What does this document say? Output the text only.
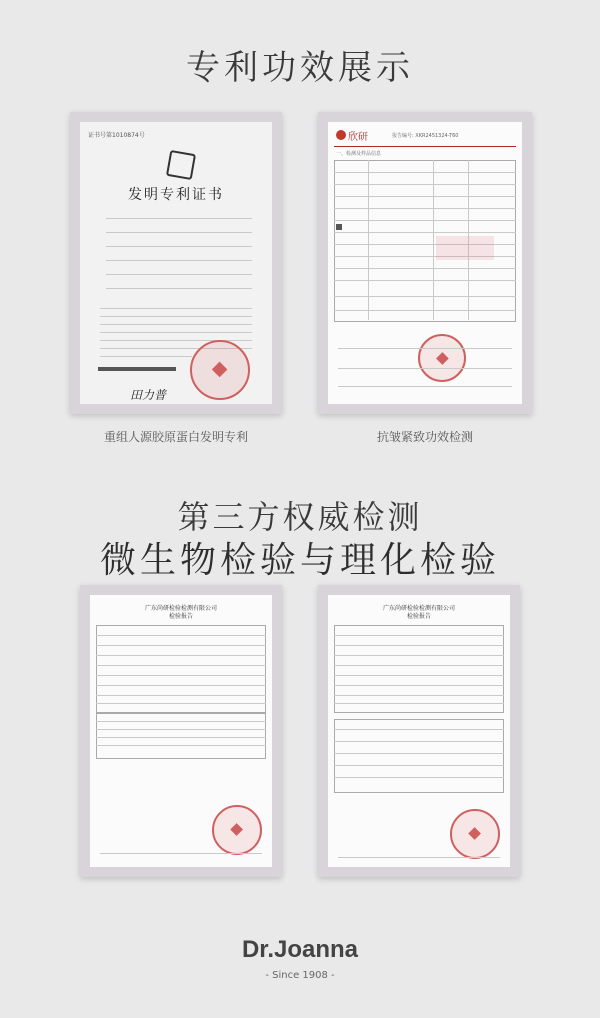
专利功效展示
证书号第1010874号
发明专利证书
田力普
重组人源胶原蛋白发明专利
欣研	报告编号: XKR2451324-T60
一、检测及样品信息
抗皱紧致功效检测
第三方权威检测
微生物检验与理化检验
广东尚研检验检测有限公司
检验报告
广东尚研检验检测有限公司
检验报告
Dr.Joanna
- Since 1908 -
